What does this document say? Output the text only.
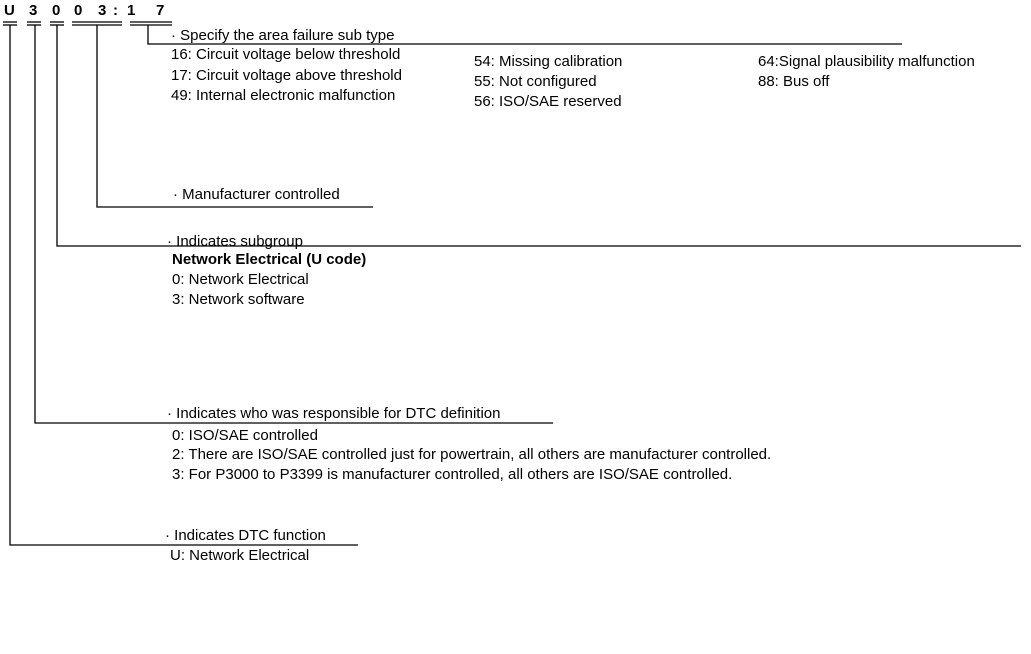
U 3 0 0 3 : 1 7
· Specify the area failure sub type
16: Circuit voltage below threshold
17: Circuit voltage above threshold
49: Internal electronic malfunction
54: Missing calibration
55: Not configured
56: ISO/SAE reserved
64:Signal plausibility malfunction
88: Bus off
· Manufacturer controlled
· Indicates subgroup
Network Electrical (U code)
0: Network Electrical
3: Network software
· Indicates who was responsible for DTC definition
0: ISO/SAE controlled
2: There are ISO/SAE controlled just for powertrain, all others are manufacturer controlled.
3: For P3000 to P3399 is manufacturer controlled, all others are ISO/SAE controlled.
· Indicates DTC function
U: Network Electrical
